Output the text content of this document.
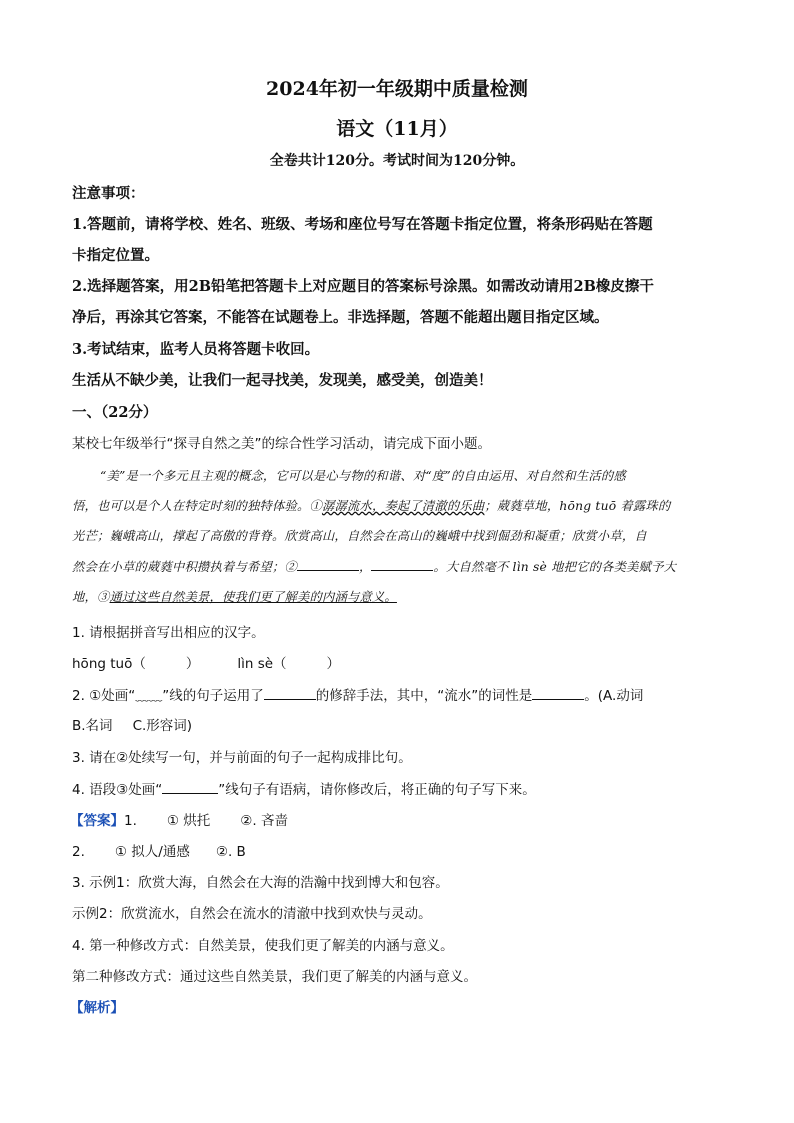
2024年初一年级期中质量检测
语文（11月）
全卷共计120分。考试时间为120分钟。
注意事项：
1.答题前，请将学校、姓名、班级、考场和座位号写在答题卡指定位置，将条形码贴在答题
卡指定位置。
2.选择题答案，用2B铅笔把答题卡上对应题目的答案标号涂黑。如需改动请用2B橡皮擦干
净后，再涂其它答案，不能答在试题卷上。非选择题，答题不能超出题目指定区域。
3.考试结束，监考人员将答题卡收回。
生活从不缺少美，让我们一起寻找美，发现美，感受美，创造美！
一、（22分）
某校七年级举行“探寻自然之美”的综合性学习活动，请完成下面小题。
“美”是一个多元且主观的概念，它可以是心与物的和谐、对“度”的自由运用、对自然和生活的感
悟，也可以是个人在特定时刻的独特体验。①潺潺流水，奏起了清澈的乐曲；葳蕤草地，hōng tuō 着露珠的
光芒；巍峨高山，撑起了高傲的背脊。欣赏高山，自然会在高山的巍峨中找到倔劲和凝重；欣赏小草，自
然会在小草的葳蕤中积攒执着与希望；②	，	。大自然毫不 lìn sè 地把它的各类美赋予大
地，③通过这些自然美景，使我们更了解美的内涵与意义。
1. 请根据拼音写出相应的汉字。
hōng tuō（	）	lìn sè（	）
2. ①处画“﹏﹏”线的句子运用了	的修辞手法，其中，“流水”的词性是	。(A.动词
B.名词 C.形容词)
3. 请在②处续写一句，并与前面的句子一起构成排比句。
4. 语段③处画“	”线句子有语病，请你修改后，将正确的句子写下来。
【答案】1. ① 烘托 ②. 吝啬
2. ① 拟人/通感 ②. B
3. 示例1：欣赏大海，自然会在大海的浩瀚中找到博大和包容。
示例2：欣赏流水，自然会在流水的清澈中找到欢快与灵动。
4. 第一种修改方式：自然美景，使我们更了解美的内涵与意义。
第二种修改方式：通过这些自然美景，我们更了解美的内涵与意义。
【解析】
